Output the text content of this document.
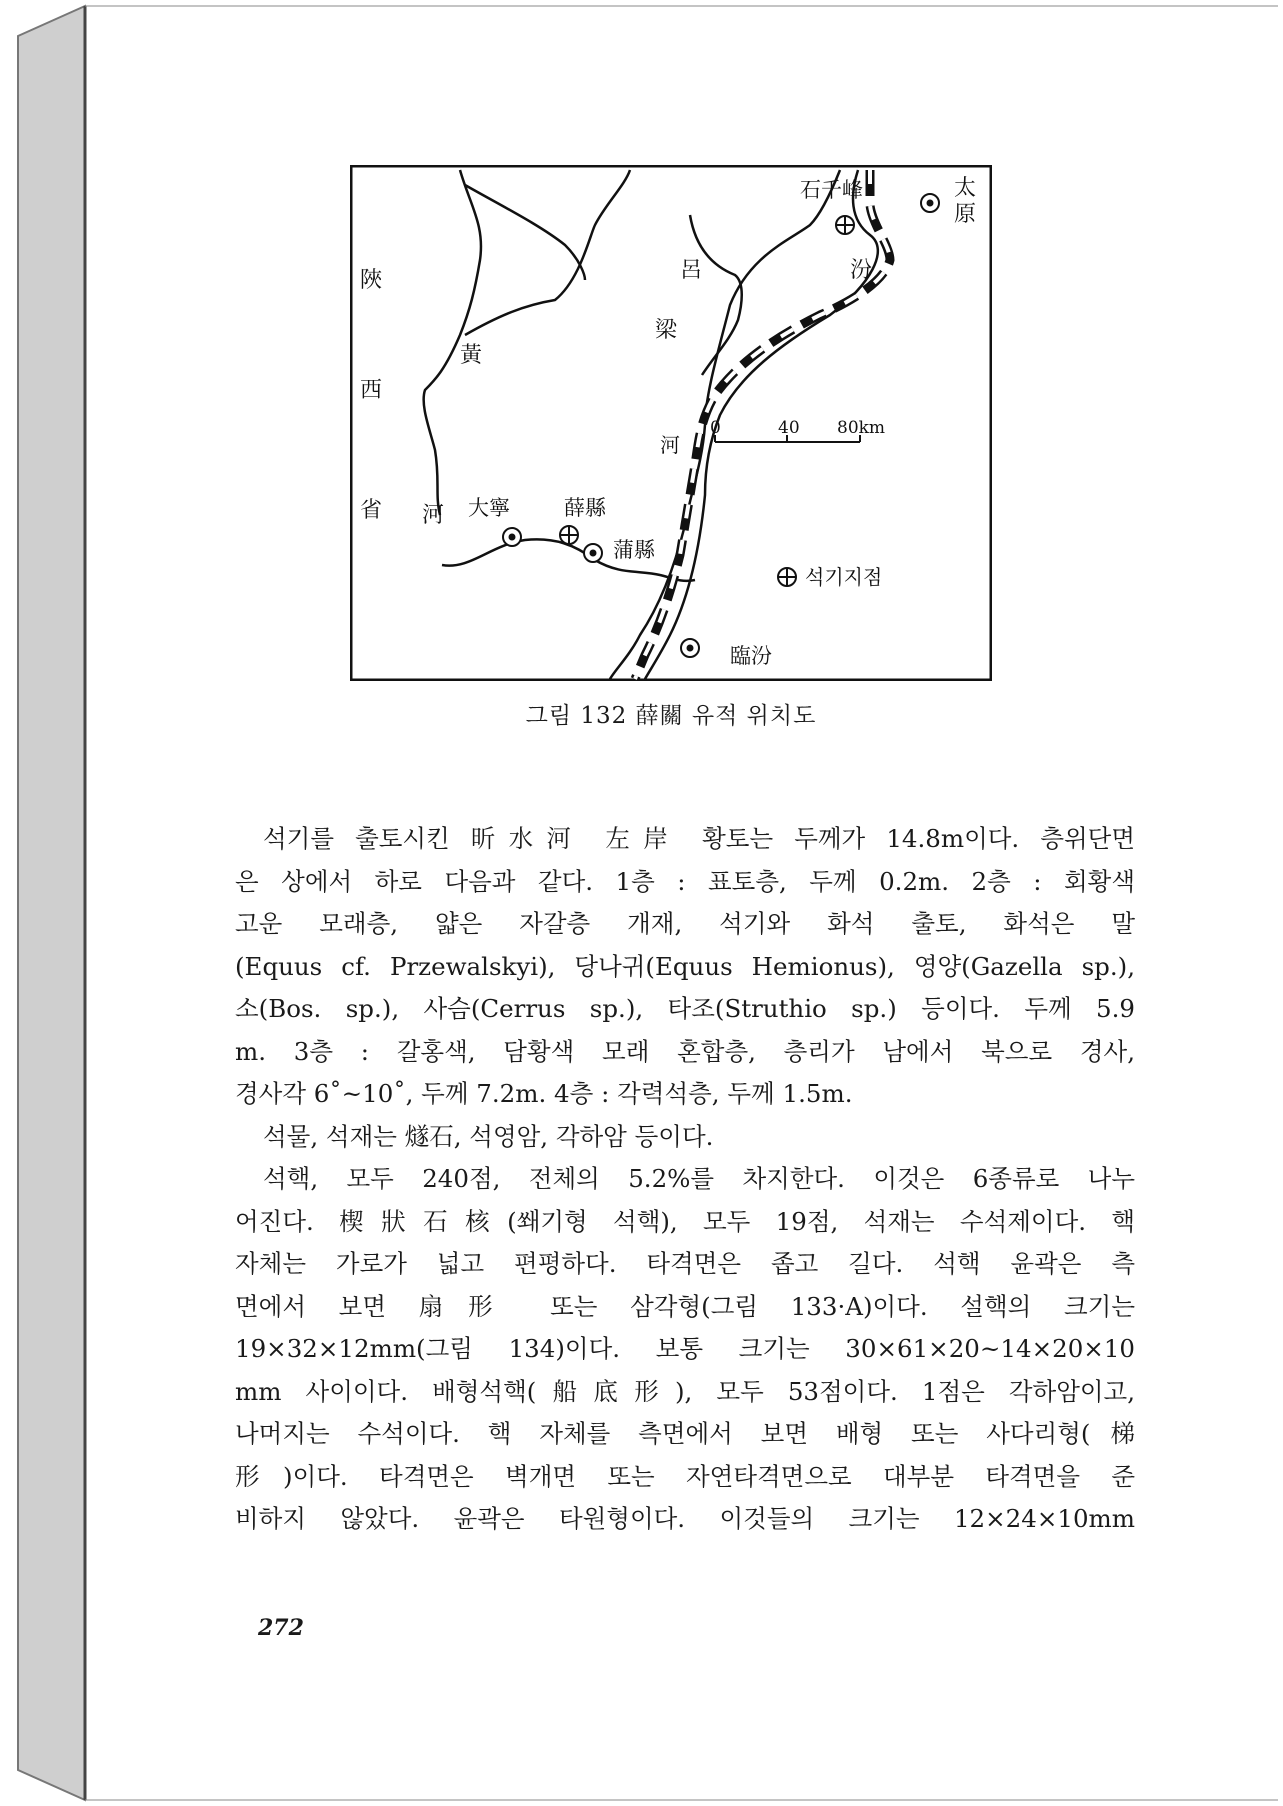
陜
西
省
黃
河
呂
梁
汾
河
石千峰	太
原
大寧	薛縣
蒲縣
臨汾
0	40 80km
석기지점
그림 132 薛關 유적 위치도

석기를 출토시킨 昕水河 左岸 황토는 두께가 14.8m이다. 층위단면
은 상에서 하로 다음과 같다. 1층 : 표토층, 두께 0.2m. 2층 : 회황색
고운 모래층, 얇은 자갈층 개재, 석기와 화석 출토, 화석은 말
(Equus cf. Przewalskyi), 당나귀(Equus Hemionus), 영양(Gazella sp.),
소(Bos. sp.), 사슴(Cerrus sp.), 타조(Struthio sp.) 등이다. 두께 5.9
m. 3층 : 갈홍색, 담황색 모래 혼합층, 층리가 남에서 북으로 경사,
경사각 6˚~10˚, 두께 7.2m. 4층 : 각력석층, 두께 1.5m.

석물, 석재는 燧石, 석영암, 각하암 등이다.

석핵, 모두 240점, 전체의 5.2%를 차지한다. 이것은 6종류로 나누
어진다. 楔狀石核(쐐기형 석핵), 모두 19점, 석재는 수석제이다. 핵
자체는 가로가 넓고 편평하다. 타격면은 좁고 길다. 석핵 윤곽은 측
면에서 보면 扇形 또는 삼각형(그림 133·A)이다. 설핵의 크기는
19×32×12mm(그림 134)이다. 보통 크기는 30×61×20~14×20×10
mm 사이이다. 배형석핵(船底形), 모두 53점이다. 1점은 각하암이고,
나머지는 수석이다. 핵 자체를 측면에서 보면 배형 또는 사다리형(梯
形)이다. 타격면은 벽개면 또는 자연타격면으로 대부분 타격면을 준
비하지 않았다. 윤곽은 타원형이다. 이것들의 크기는 12×24×10mm

272
